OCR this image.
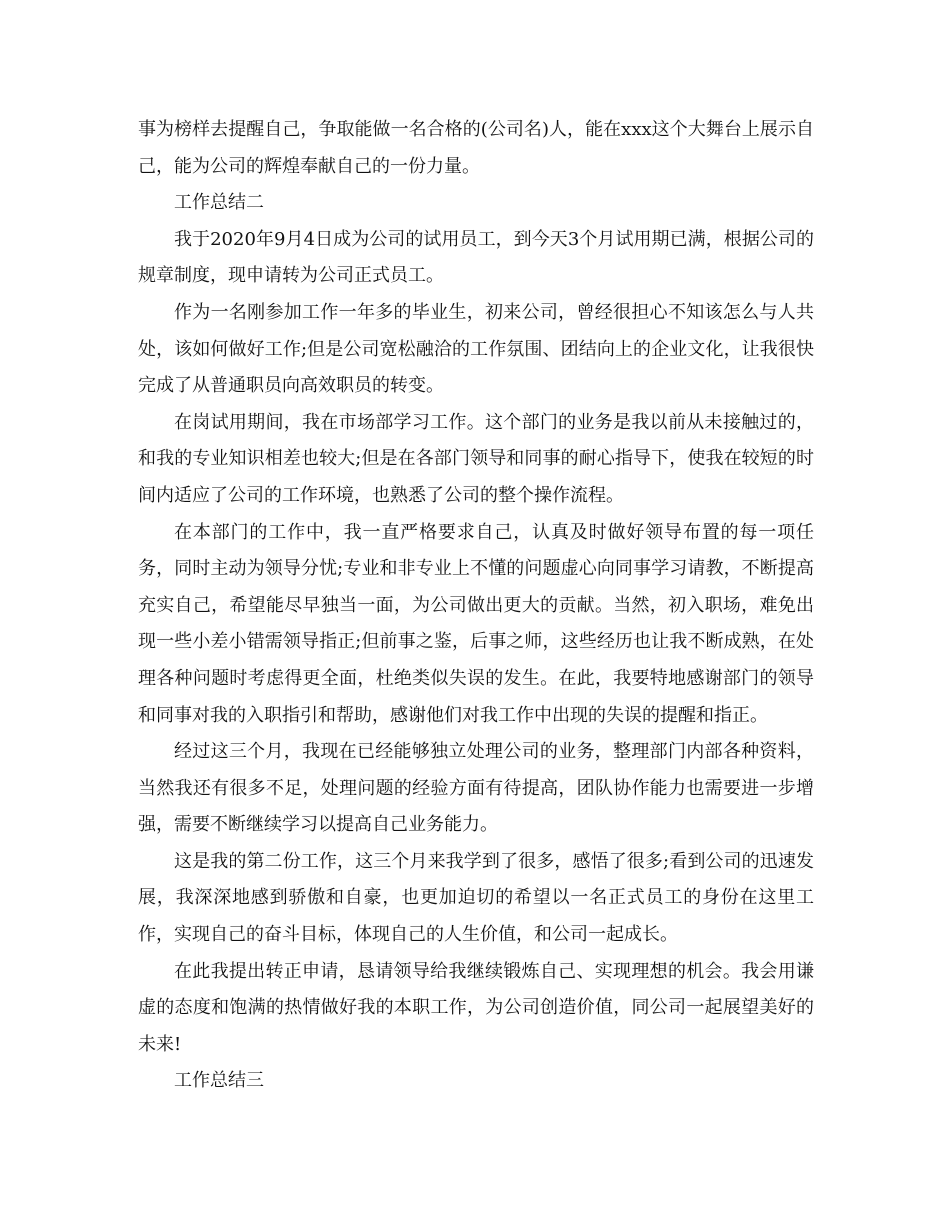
事为榜样去提醒自己，争取能做一名合格的(公司名)人，能在xxx这个大舞台上展示自己，能为公司的辉煌奉献自己的一份力量。

工作总结二

我于2020年9月4日成为公司的试用员工，到今天3个月试用期已满，根据公司的规章制度，现申请转为公司正式员工。

作为一名刚参加工作一年多的毕业生，初来公司，曾经很担心不知该怎么与人共处，该如何做好工作;但是公司宽松融洽的工作氛围、团结向上的企业文化，让我很快完成了从普通职员向高效职员的转变。

在岗试用期间，我在市场部学习工作。这个部门的业务是我以前从未接触过的，和我的专业知识相差也较大;但是在各部门领导和同事的耐心指导下，使我在较短的时间内适应了公司的工作环境，也熟悉了公司的整个操作流程。

在本部门的工作中，我一直严格要求自己，认真及时做好领导布置的每一项任务，同时主动为领导分忧;专业和非专业上不懂的问题虚心向同事学习请教，不断提高充实自己，希望能尽早独当一面，为公司做出更大的贡献。当然，初入职场，难免出现一些小差小错需领导指正;但前事之鉴，后事之师，这些经历也让我不断成熟，在处理各种问题时考虑得更全面，杜绝类似失误的发生。在此，我要特地感谢部门的领导和同事对我的入职指引和帮助，感谢他们对我工作中出现的失误的提醒和指正。

经过这三个月，我现在已经能够独立处理公司的业务，整理部门内部各种资料，当然我还有很多不足，处理问题的经验方面有待提高，团队协作能力也需要进一步增强，需要不断继续学习以提高自己业务能力。

这是我的第二份工作，这三个月来我学到了很多，感悟了很多;看到公司的迅速发展，我深深地感到骄傲和自豪，也更加迫切的希望以一名正式员工的身份在这里工作，实现自己的奋斗目标，体现自己的人生价值，和公司一起成长。

在此我提出转正申请，恳请领导给我继续锻炼自己、实现理想的机会。我会用谦虚的态度和饱满的热情做好我的本职工作，为公司创造价值，同公司一起展望美好的未来!

工作总结三
